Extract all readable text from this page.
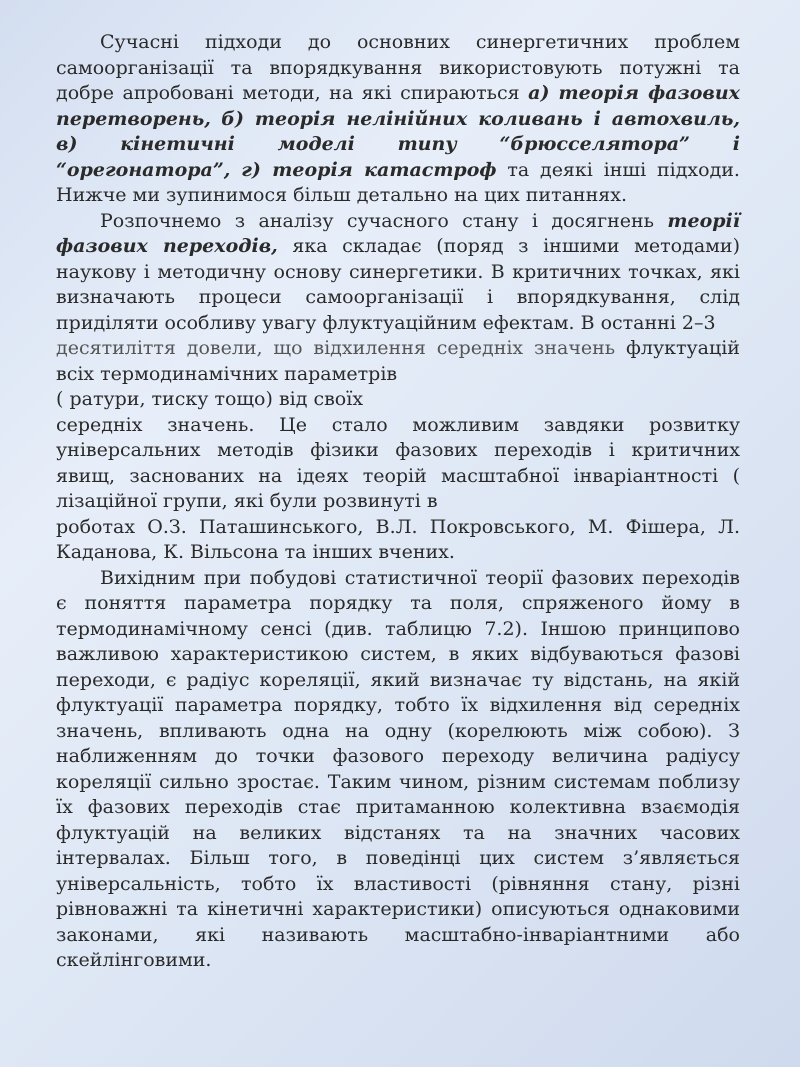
Сучасні підходи до основних синергетичних проблем самоорганізації та впорядкування використовують потужні та добре апробовані методи, на які спираються а) теорія фазових перетворень, б) теорія нелінійних коливань і автохвиль, в) кінетичні моделі типу “брюсселятора” і “орегонатора”, г) теорія катастроф та деякі інші підходи. Нижче ми зупинимося більш детально на цих питаннях.

Розпочнемо з аналізу сучасного стану і досягнень теорії фазових переходів, яка складає (поряд з іншими методами) наукову і методичну основу синергетики. В критичних точках, які визначають процеси самоорганізації і впорядкування, слід приділяти особливу увагу флуктуаційним ефектам. В останні 2–3

десятиліття довели, що відхилення середніх значень флуктуацій всіх термодинамічних параметрів

( ратури, тиску тощо) від своїх

середніх значень. Це стало можливим завдяки розвитку універсальних методів фізики фазових переходів і критичних явищ, заснованих на ідеях теорій масштабної інваріантності ( лізаційної групи, які були розвинуті в

роботах О.З. Паташинського, В.Л. Покровського, М. Фішера, Л. Каданова, К. Вільсона та інших вчених.

Вихідним при побудові статистичної теорії фазових переходів є поняття параметра порядку та поля, спряженого йому в термодинамічному сенсі (див. таблицю 7.2). Іншою принципово важливою характеристикою систем, в яких відбуваються фазові переходи, є радіус кореляції, який визначає ту відстань, на якій флуктуації параметра порядку, тобто їх відхилення від середніх значень, впливають одна на одну (корелюють між собою). З наближенням до точки фазового переходу величина радіусу кореляції сильно зростає. Таким чином, різним системам поблизу їх фазових переходів стає притаманною колективна взаємодія флуктуацій на великих відстанях та на значних часових інтервалах. Більш того, в поведінці цих систем з’являється універсальність, тобто їх властивості (рівняння стану, різні рівноважні та кінетичні характеристики) описуються однаковими законами, які називають масштабно-інваріантними або скейлінговими.
